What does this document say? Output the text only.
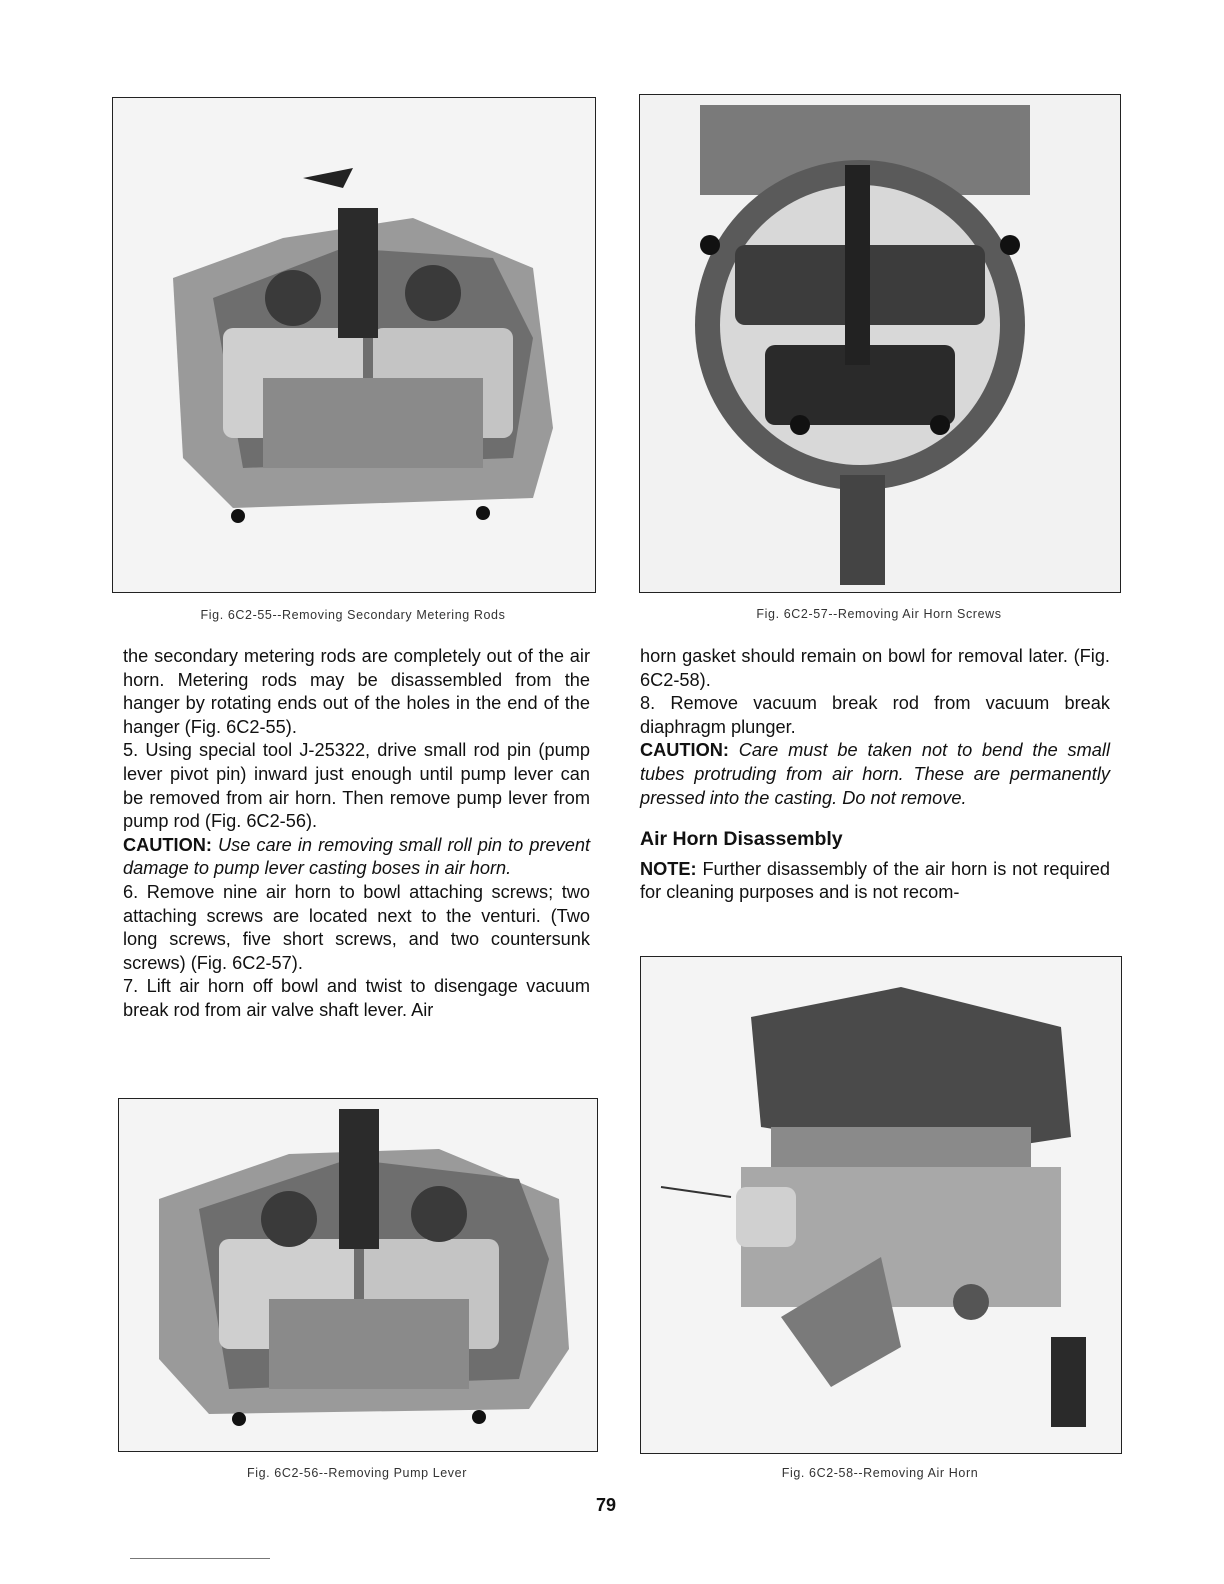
Fig. 6C2-55--Removing Secondary Metering Rods	Fig. 6C2-57--Removing Air Horn Screws

the secondary metering rods are completely out of the air horn. Metering rods may be disassembled from the hanger by rotating ends out of the holes in the end of the hanger (Fig. 6C2-55).

5. Using special tool J-25322, drive small rod pin (pump lever pivot pin) inward just enough until pump lever can be removed from air horn. Then remove pump lever from pump rod (Fig. 6C2-56).

CAUTION: Use care in removing small roll pin to prevent damage to pump lever casting boses in air horn.

6. Remove nine air horn to bowl attaching screws; two attaching screws are located next to the venturi. (Two long screws, five short screws, and two countersunk screws) (Fig. 6C2-57).

7. Lift air horn off bowl and twist to disengage vacuum break rod from air valve shaft lever. Air

horn gasket should remain on bowl for removal later. (Fig. 6C2-58).

8. Remove vacuum break rod from vacuum break diaphragm plunger.

CAUTION: Care must be taken not to bend the small tubes protruding from air horn. These are permanently pressed into the casting. Do not remove.

Air Horn Disassembly

NOTE: Further disassembly of the air horn is not required for cleaning purposes and is not recom-

Fig. 6C2-56--Removing Pump Lever	Fig. 6C2-58--Removing Air Horn
79
